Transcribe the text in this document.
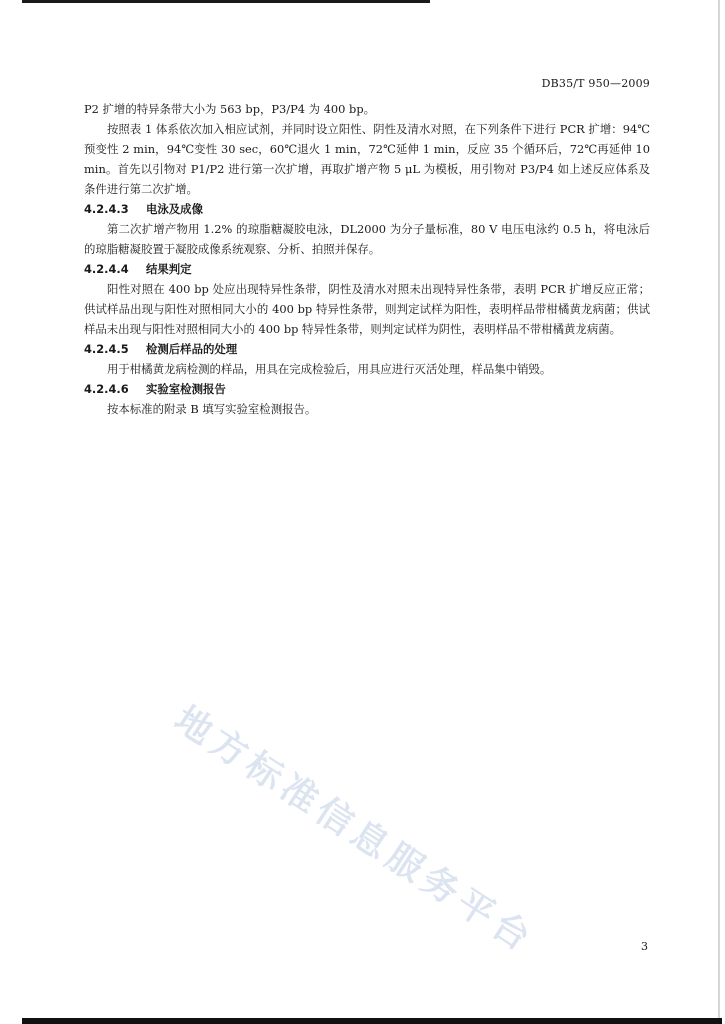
DB35/T 950—2009

P2 扩增的特异条带大小为 563 bp，P3/P4 为 400 bp。

按照表 1 体系依次加入相应试剂，并同时设立阳性、阴性及清水对照，在下列条件下进行 PCR 扩增：94℃预变性 2 min，94℃变性 30 sec，60℃退火 1 min，72℃延伸 1 min，反应 35 个循环后，72℃再延伸 10 min。首先以引物对 P1/P2 进行第一次扩增，再取扩增产物 5 μL 为模板，用引物对 P3/P4 如上述反应体系及条件进行第二次扩增。

4.2.4.3 电泳及成像

第二次扩增产物用 1.2% 的琼脂糖凝胶电泳，DL2000 为分子量标准，80 V 电压电泳约 0.5 h，将电泳后的琼脂糖凝胶置于凝胶成像系统观察、分析、拍照并保存。

4.2.4.4 结果判定

阳性对照在 400 bp 处应出现特异性条带，阴性及清水对照未出现特异性条带，表明 PCR 扩增反应正常；供试样品出现与阳性对照相同大小的 400 bp 特异性条带，则判定试样为阳性，表明样品带柑橘黄龙病菌；供试样品未出现与阳性对照相同大小的 400 bp 特异性条带，则判定试样为阴性，表明样品不带柑橘黄龙病菌。

4.2.4.5 检测后样品的处理

用于柑橘黄龙病检测的样品，用具在完成检验后，用具应进行灭活处理，样品集中销毁。

4.2.4.6 实验室检测报告

按本标准的附录 B 填写实验室检测报告。

地方标准信息服务平台	3
